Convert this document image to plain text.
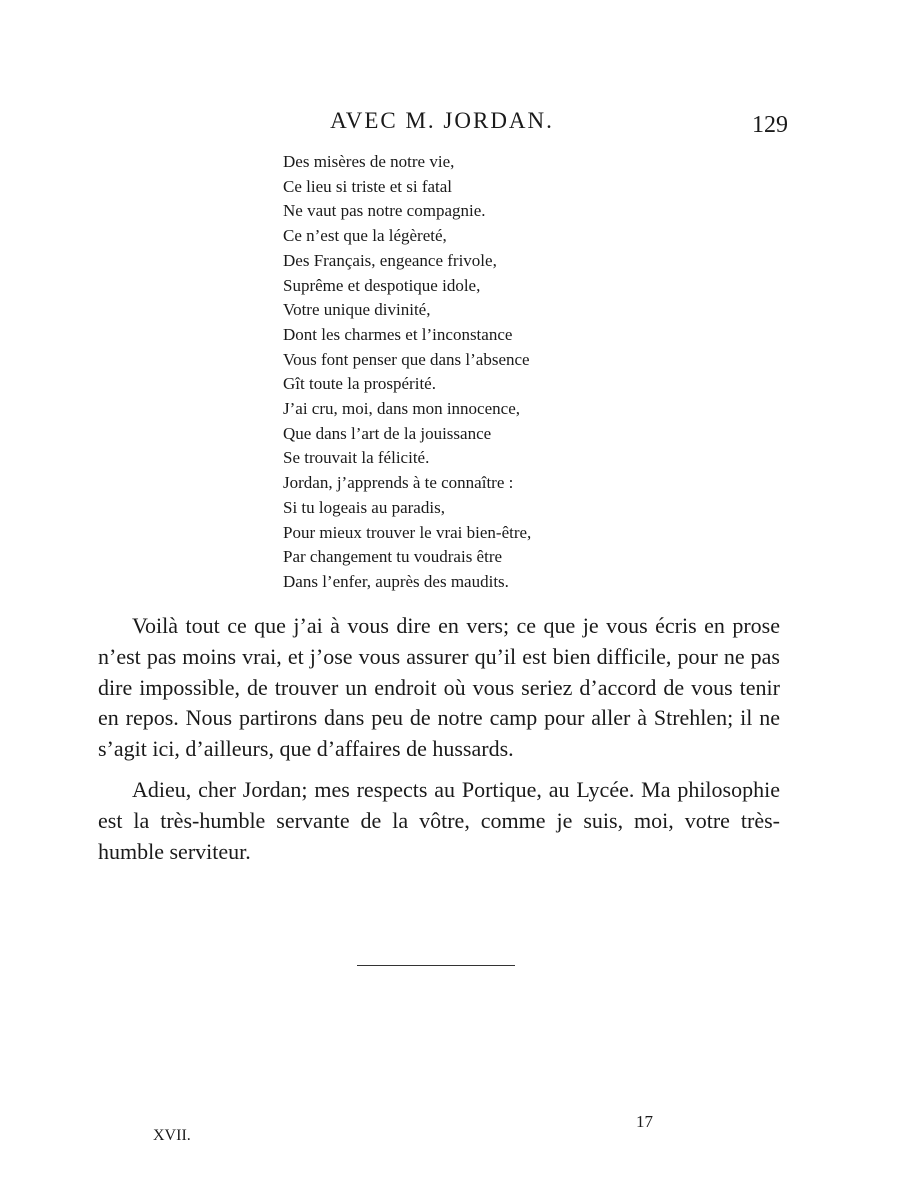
AVEC M. JORDAN.	129
Des misères de notre vie,
Ce lieu si triste et si fatal
Ne vaut pas notre compagnie.
Ce n’est que la légèreté,
Des Français, engeance frivole,
Suprême et despotique idole,
Votre unique divinité,
Dont les charmes et l’inconstance
Vous font penser que dans l’absence
Gît toute la prospérité.
J’ai cru, moi, dans mon innocence,
Que dans l’art de la jouissance
Se trouvait la félicité.
Jordan, j’apprends à te connaître :
Si tu logeais au paradis,
Pour mieux trouver le vrai bien-être,
Par changement tu voudrais être
Dans l’enfer, auprès des maudits.

Voilà tout ce que j’ai à vous dire en vers; ce que je vous écris en prose n’est pas moins vrai, et j’ose vous assurer qu’il est bien difficile, pour ne pas dire impossible, de trouver un endroit où vous seriez d’accord de vous tenir en repos. Nous partirons dans peu de notre camp pour aller à Strehlen; il ne s’agit ici, d’ailleurs, que d’affaires de hussards.

Adieu, cher Jordan; mes respects au Portique, au Lycée. Ma philosophie est la très-humble servante de la vôtre, comme je suis, moi, votre très-humble serviteur.

XVII.
17
